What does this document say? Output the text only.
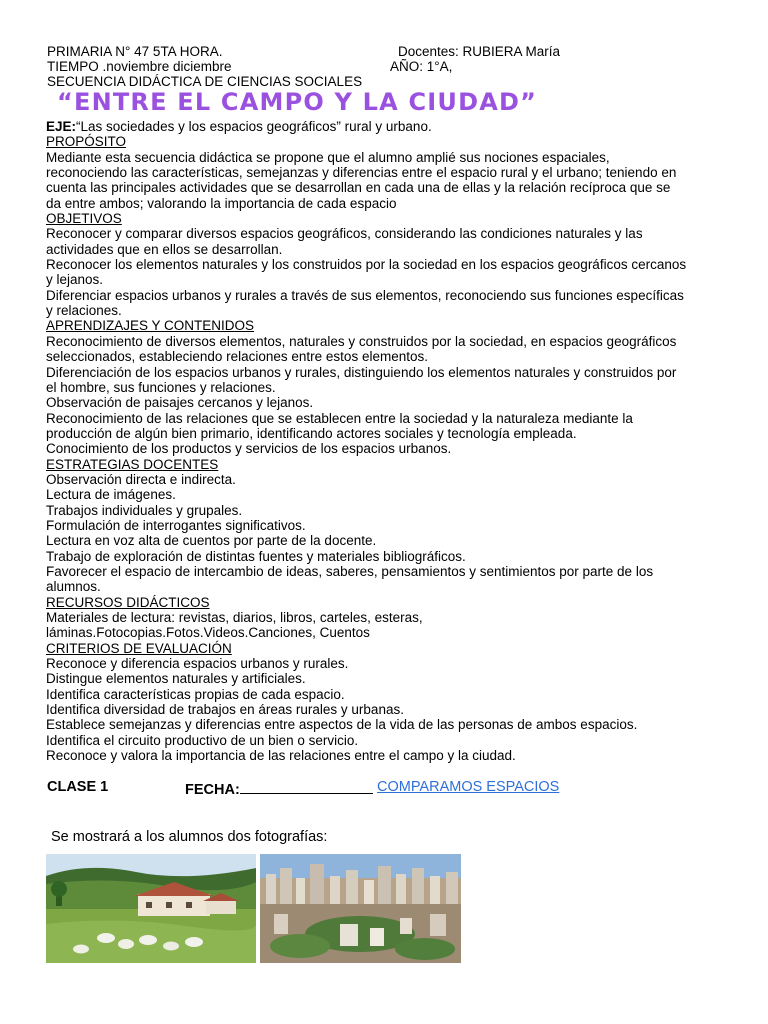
PRIMARIA N° 47 5TA HORA.	Docentes: RUBIERA María
TIEMPO .noviembre diciembre	AÑO: 1°A,
SECUENCIA DIDÁCTICA DE CIENCIAS SOCIALES
“ENTRE EL CAMPO Y LA CIUDAD”

EJE:“Las sociedades y los espacios geográficos” rural y urbano.

PROPÓSITO

Mediante esta secuencia didáctica se propone que el alumno amplié sus nociones espaciales,

reconociendo las características, semejanzas y diferencias entre el espacio rural y el urbano; teniendo en

cuenta las principales actividades que se desarrollan en cada una de ellas y la relación recíproca que se

da entre ambos; valorando la importancia de cada espacio

OBJETIVOS

Reconocer y comparar diversos espacios geográficos, considerando las condiciones naturales y las

actividades que en ellos se desarrollan.

Reconocer los elementos naturales y los construidos por la sociedad en los espacios geográficos cercanos

y lejanos.

Diferenciar espacios urbanos y rurales a través de sus elementos, reconociendo sus funciones específicas

y relaciones.

APRENDIZAJES Y CONTENIDOS

Reconocimiento de diversos elementos, naturales y construidos por la sociedad, en espacios geográficos

seleccionados, estableciendo relaciones entre estos elementos.

Diferenciación de los espacios urbanos y rurales, distinguiendo los elementos naturales y construidos por

el hombre, sus funciones y relaciones.

Observación de paisajes cercanos y lejanos.

Reconocimiento de las relaciones que se establecen entre la sociedad y la naturaleza mediante la

producción de algún bien primario, identificando actores sociales y tecnología empleada.

Conocimiento de los productos y servicios de los espacios urbanos.

ESTRATEGIAS DOCENTES

Observación directa e indirecta.

Lectura de imágenes.

Trabajos individuales y grupales.

Formulación de interrogantes significativos.

Lectura en voz alta de cuentos por parte de la docente.

Trabajo de exploración de distintas fuentes y materiales bibliográficos.

Favorecer el espacio de intercambio de ideas, saberes, pensamientos y sentimientos por parte de los

alumnos.

RECURSOS DIDÁCTICOS

Materiales de lectura: revistas, diarios, libros, carteles, esteras,

láminas.Fotocopias.Fotos.Videos.Canciones, Cuentos

CRITERIOS DE EVALUACIÓN

Reconoce y diferencia espacios urbanos y rurales.

Distingue elementos naturales y artificiales.

Identifica características propias de cada espacio.

Identifica diversidad de trabajos en áreas rurales y urbanas.

Establece semejanzas y diferencias entre aspectos de la vida de las personas de ambos espacios.

Identifica el circuito productivo de un bien o servicio.

Reconoce y valora la importancia de las relaciones entre el campo y la ciudad.

CLASE 1	FECHA:	COMPARAMOS ESPACIOS
Se mostrará a los alumnos dos fotografías:
